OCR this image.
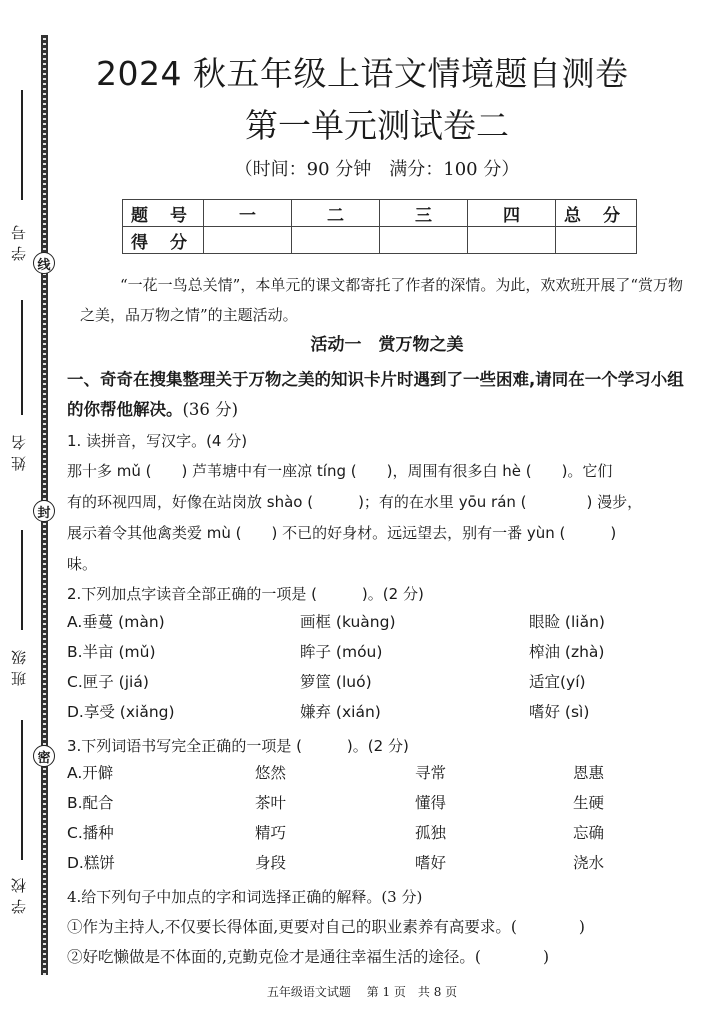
线
封
密
学号
姓名
班级
学校
2024 秋五年级上语文情境题自测卷
第一单元测试卷二
（时间：90 分钟　满分：100 分）
题 号	一	二	三	四	总 分
得 分					
“一花一鸟总关情”，本单元的课文都寄托了作者的深情。为此，欢欢班开展了“赏万物之美，品万物之情”的主题活动。
活动一　赏万物之美
一、奇奇在搜集整理关于万物之美的知识卡片时遇到了一些困难,请同在一个学习小组的你帮他解决。(36 分)
1. 读拼音，写汉字。(4 分)
那十多 mǔ (　　) 芦苇塘中有一座凉 tíng (　　)，周围有很多白 hè (　　)。它们
有的环视四周，好像在站岗放 shào (　　　)；有的在水里 yōu rán (　　　　) 漫步，
展示着令其他禽类爱 mù (　　) 不已的好身材。远远望去，别有一番 yùn (　　　)
味。
2.下列加点字读音全部正确的一项是 (　　　)。(2 分)
A.垂蔓 (màn)	画框 (kuàng)	眼睑 (liǎn)
B.半亩 (mǔ)	眸子 (móu)	榨油 (zhà)
C.匣子 (jiá)	箩筐 (luó)	适宜(yí)
D.享受 (xiǎng)	嫌弃 (xián)	嗜好 (sì)
3.下列词语书写完全正确的一项是 (　　　)。(2 分)
A.开僻	悠然	寻常	恩惠
B.配合	茶叶	懂得	生硬
C.播种	精巧	孤独	忘确
D.糕饼	身段	嗜好	浇水
4.给下列句子中加点的字和词选择正确的解释。(3 分)
①作为主持人,不仅要长得体面,更要对自己的职业素养有高要求。(　　　　)
②好吃懒做是不体面的,克勤克俭才是通往幸福生活的途径。(　　　　)
五年级语文试题　 第 1 页　共 8 页
